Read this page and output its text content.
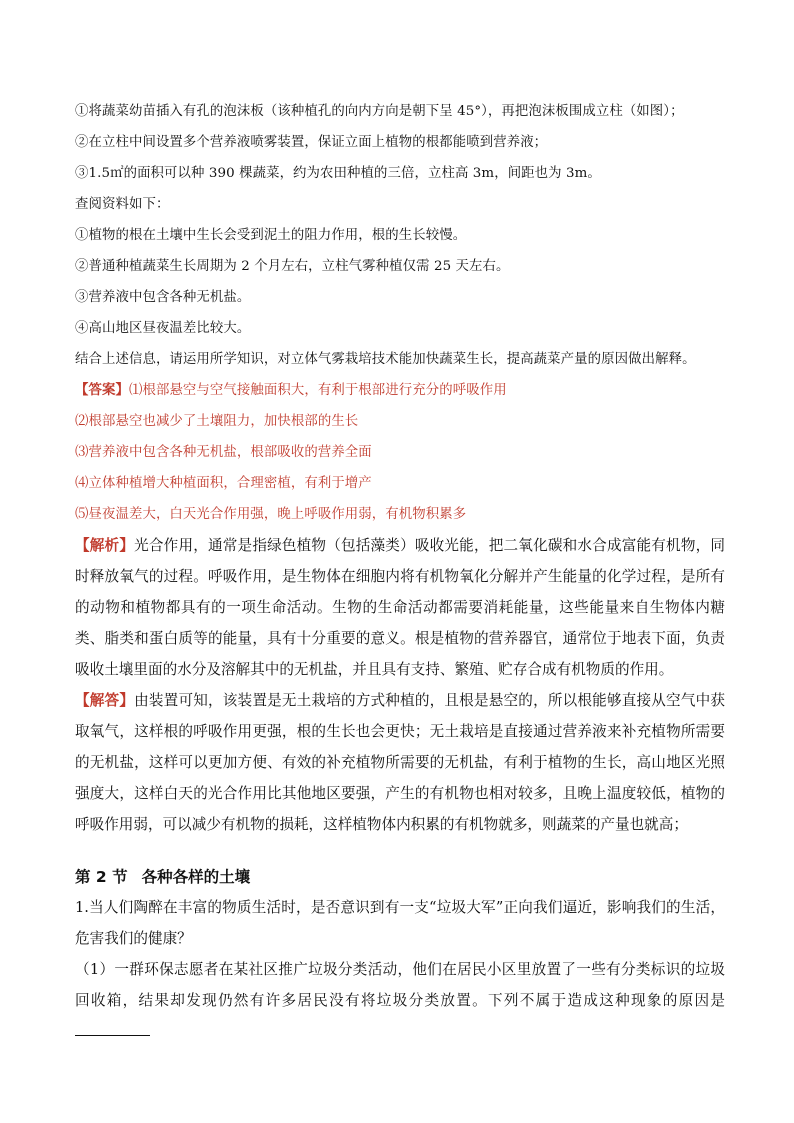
①将蔬菜幼苗插入有孔的泡沫板（该种植孔的向内方向是朝下呈 45°），再把泡沫板围成立柱（如图）；
②在立柱中间设置多个营养液喷雾装置，保证立面上植物的根都能喷到营养液；
③1.5㎡的面积可以种 390 棵蔬菜，约为农田种植的三倍，立柱高 3m，间距也为 3m。
查阅资料如下：
①植物的根在土壤中生长会受到泥土的阻力作用，根的生长较慢。
②普通种植蔬菜生长周期为 2 个月左右，立柱气雾种植仅需 25 天左右。
③营养液中包含各种无机盐。
④高山地区昼夜温差比较大。
结合上述信息，请运用所学知识，对立体气雾栽培技术能加快蔬菜生长，提高蔬菜产量的原因做出解释。
【答案】⑴根部悬空与空气接触面积大，有利于根部进行充分的呼吸作用
⑵根部悬空也减少了土壤阻力，加快根部的生长
⑶营养液中包含各种无机盐，根部吸收的营养全面
⑷立体种植增大种植面积，合理密植，有利于增产
⑸昼夜温差大，白天光合作用强，晚上呼吸作用弱，有机物积累多
【解析】光合作用，通常是指绿色植物（包括藻类）吸收光能，把二氧化碳和水合成富能有机物，同时释放氧气的过程。呼吸作用，是生物体在细胞内将有机物氧化分解并产生能量的化学过程，是所有的动物和植物都具有的一项生命活动。生物的生命活动都需要消耗能量，这些能量来自生物体内糖类、脂类和蛋白质等的能量，具有十分重要的意义。根是植物的营养器官，通常位于地表下面，负责吸收土壤里面的水分及溶解其中的无机盐，并且具有支持、繁殖、贮存合成有机物质的作用。
【解答】由装置可知，该装置是无土栽培的方式种植的，且根是悬空的，所以根能够直接从空气中获取氧气，这样根的呼吸作用更强，根的生长也会更快；无土栽培是直接通过营养液来补充植物所需要的无机盐，这样可以更加方便、有效的补充植物所需要的无机盐，有利于植物的生长，高山地区光照强度大，这样白天的光合作用比其他地区要强，产生的有机物也相对较多，且晚上温度较低，植物的呼吸作用弱，可以减少有机物的损耗，这样植物体内积累的有机物就多，则蔬菜的产量也就高；
第 2 节 各种各样的土壤
1.当人们陶醉在丰富的物质生活时，是否意识到有一支“垃圾大军”正向我们逼近，影响我们的生活，危害我们的健康？
（1）一群环保志愿者在某社区推广垃圾分类活动，他们在居民小区里放置了一些有分类标识的垃圾回收箱，结果却发现仍然有许多居民没有将垃圾分类放置。下列不属于造成这种现象的原因是
